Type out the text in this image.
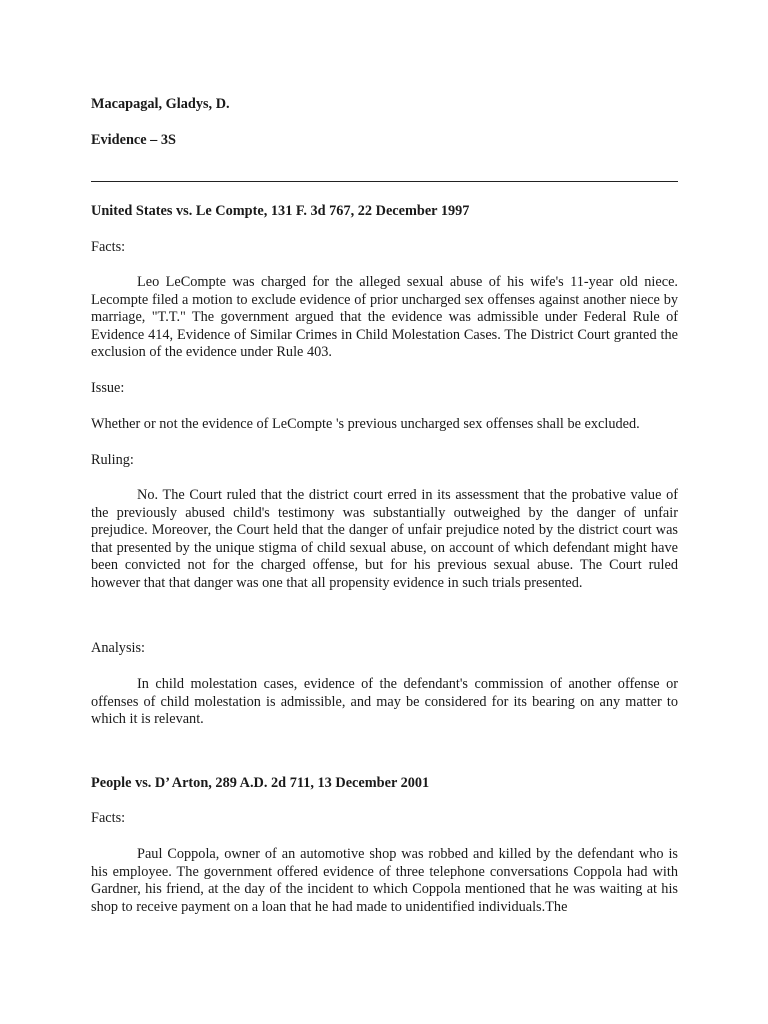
Macapagal, Gladys, D.

Evidence – 3S

United States vs. Le Compte, 131 F. 3d 767, 22 December 1997

Facts:

Leo LeCompte was charged for the alleged sexual abuse of his wife's 11-year old niece. Lecompte filed a motion to exclude evidence of prior uncharged sex offenses against another niece by marriage, "T.T." The government argued that the evidence was admissible under Federal Rule of Evidence 414, Evidence of Similar Crimes in Child Molestation Cases. The District Court granted the exclusion of the evidence under Rule 403.

Issue:

Whether or not the evidence of LeCompte 's previous uncharged sex offenses shall be excluded.

Ruling:

No. The Court ruled that the district court erred in its assessment that the probative value of the previously abused child's testimony was substantially outweighed by the danger of unfair prejudice. Moreover, the Court held that the danger of unfair prejudice noted by the district court was that presented by the unique stigma of child sexual abuse, on account of which defendant might have been convicted not for the charged offense, but for his previous sexual abuse. The Court ruled however that that danger was one that all propensity evidence in such trials presented.

Analysis:

In child molestation cases, evidence of the defendant's commission of another offense or offenses of child molestation is admissible, and may be considered for its bearing on any matter to which it is relevant.

People vs. D’ Arton, 289 A.D. 2d 711, 13 December 2001

Facts:

Paul Coppola, owner of an automotive shop was robbed and killed by the defendant who is his employee. The government offered evidence of three telephone conversations Coppola had with Gardner, his friend, at the day of the incident to which Coppola mentioned that he was waiting at his shop to receive payment on a loan that he had made to unidentified individuals.The
